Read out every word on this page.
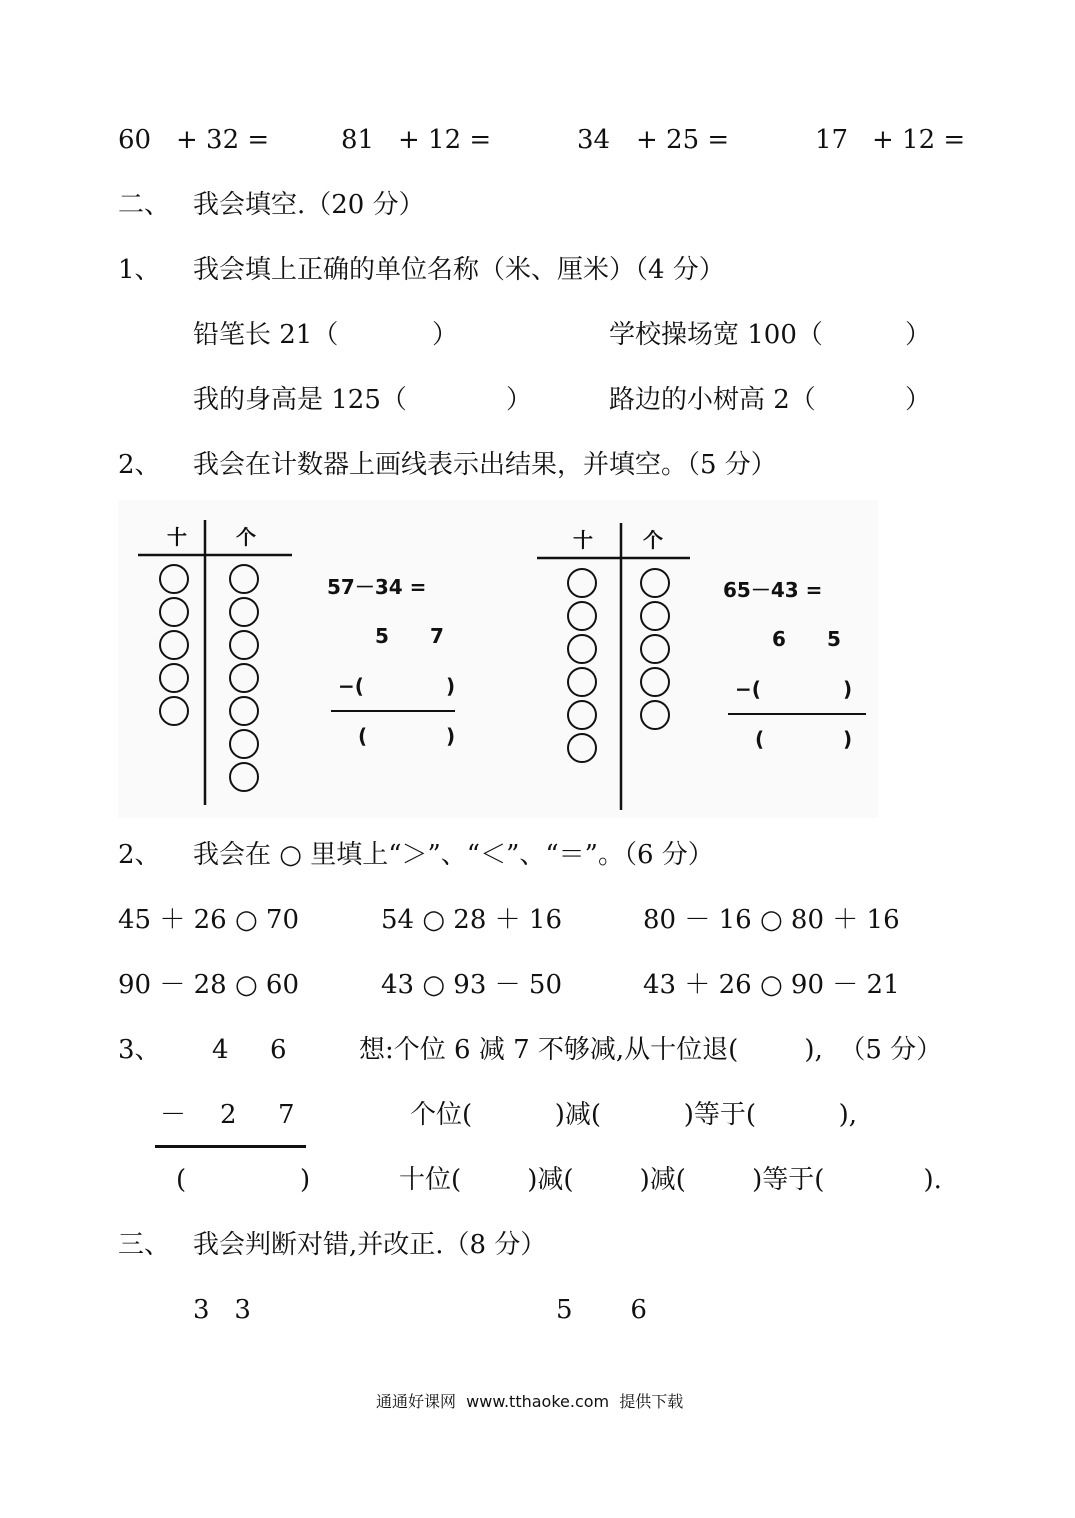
60 + 32 =	81 + 12 =	34 + 25 =	17 + 12 =
二、 我会填空.（20 分）
1、 我会填上正确的单位名称（米、厘米）（4 分）
铅笔长 21（	）	学校操场宽 100（	）
我的身高是 125（	）	路边的小树高 2（	）
2、 我会在计数器上画线表示出结果，并填空。（5 分）
十 个
57－34 =
5 7
−(	)
(	)
十	个
65－43 =
6 5
−(	)
(	)
2、 我会在 ○ 里填上“＞”、“＜”、“＝”。（6 分）
45 ＋ 26 ○ 70	54 ○ 28 ＋ 16	80 － 16 ○ 80 ＋ 16
90 － 28 ○ 60	43 ○ 93 － 50	43 ＋ 26 ○ 90 － 21
3、 4 6	想:个位 6 减 7 不够减,从十位退(        ),  （5 分）
－ 2 7	个位(          )减(          )等于(          ),
(	)	十位(        )减(        )减(        )等于(            ).
三、 我会判断对错,并改正.（8 分）
3   3	5       6
通通好课网  www.tthaoke.com  提供下载
